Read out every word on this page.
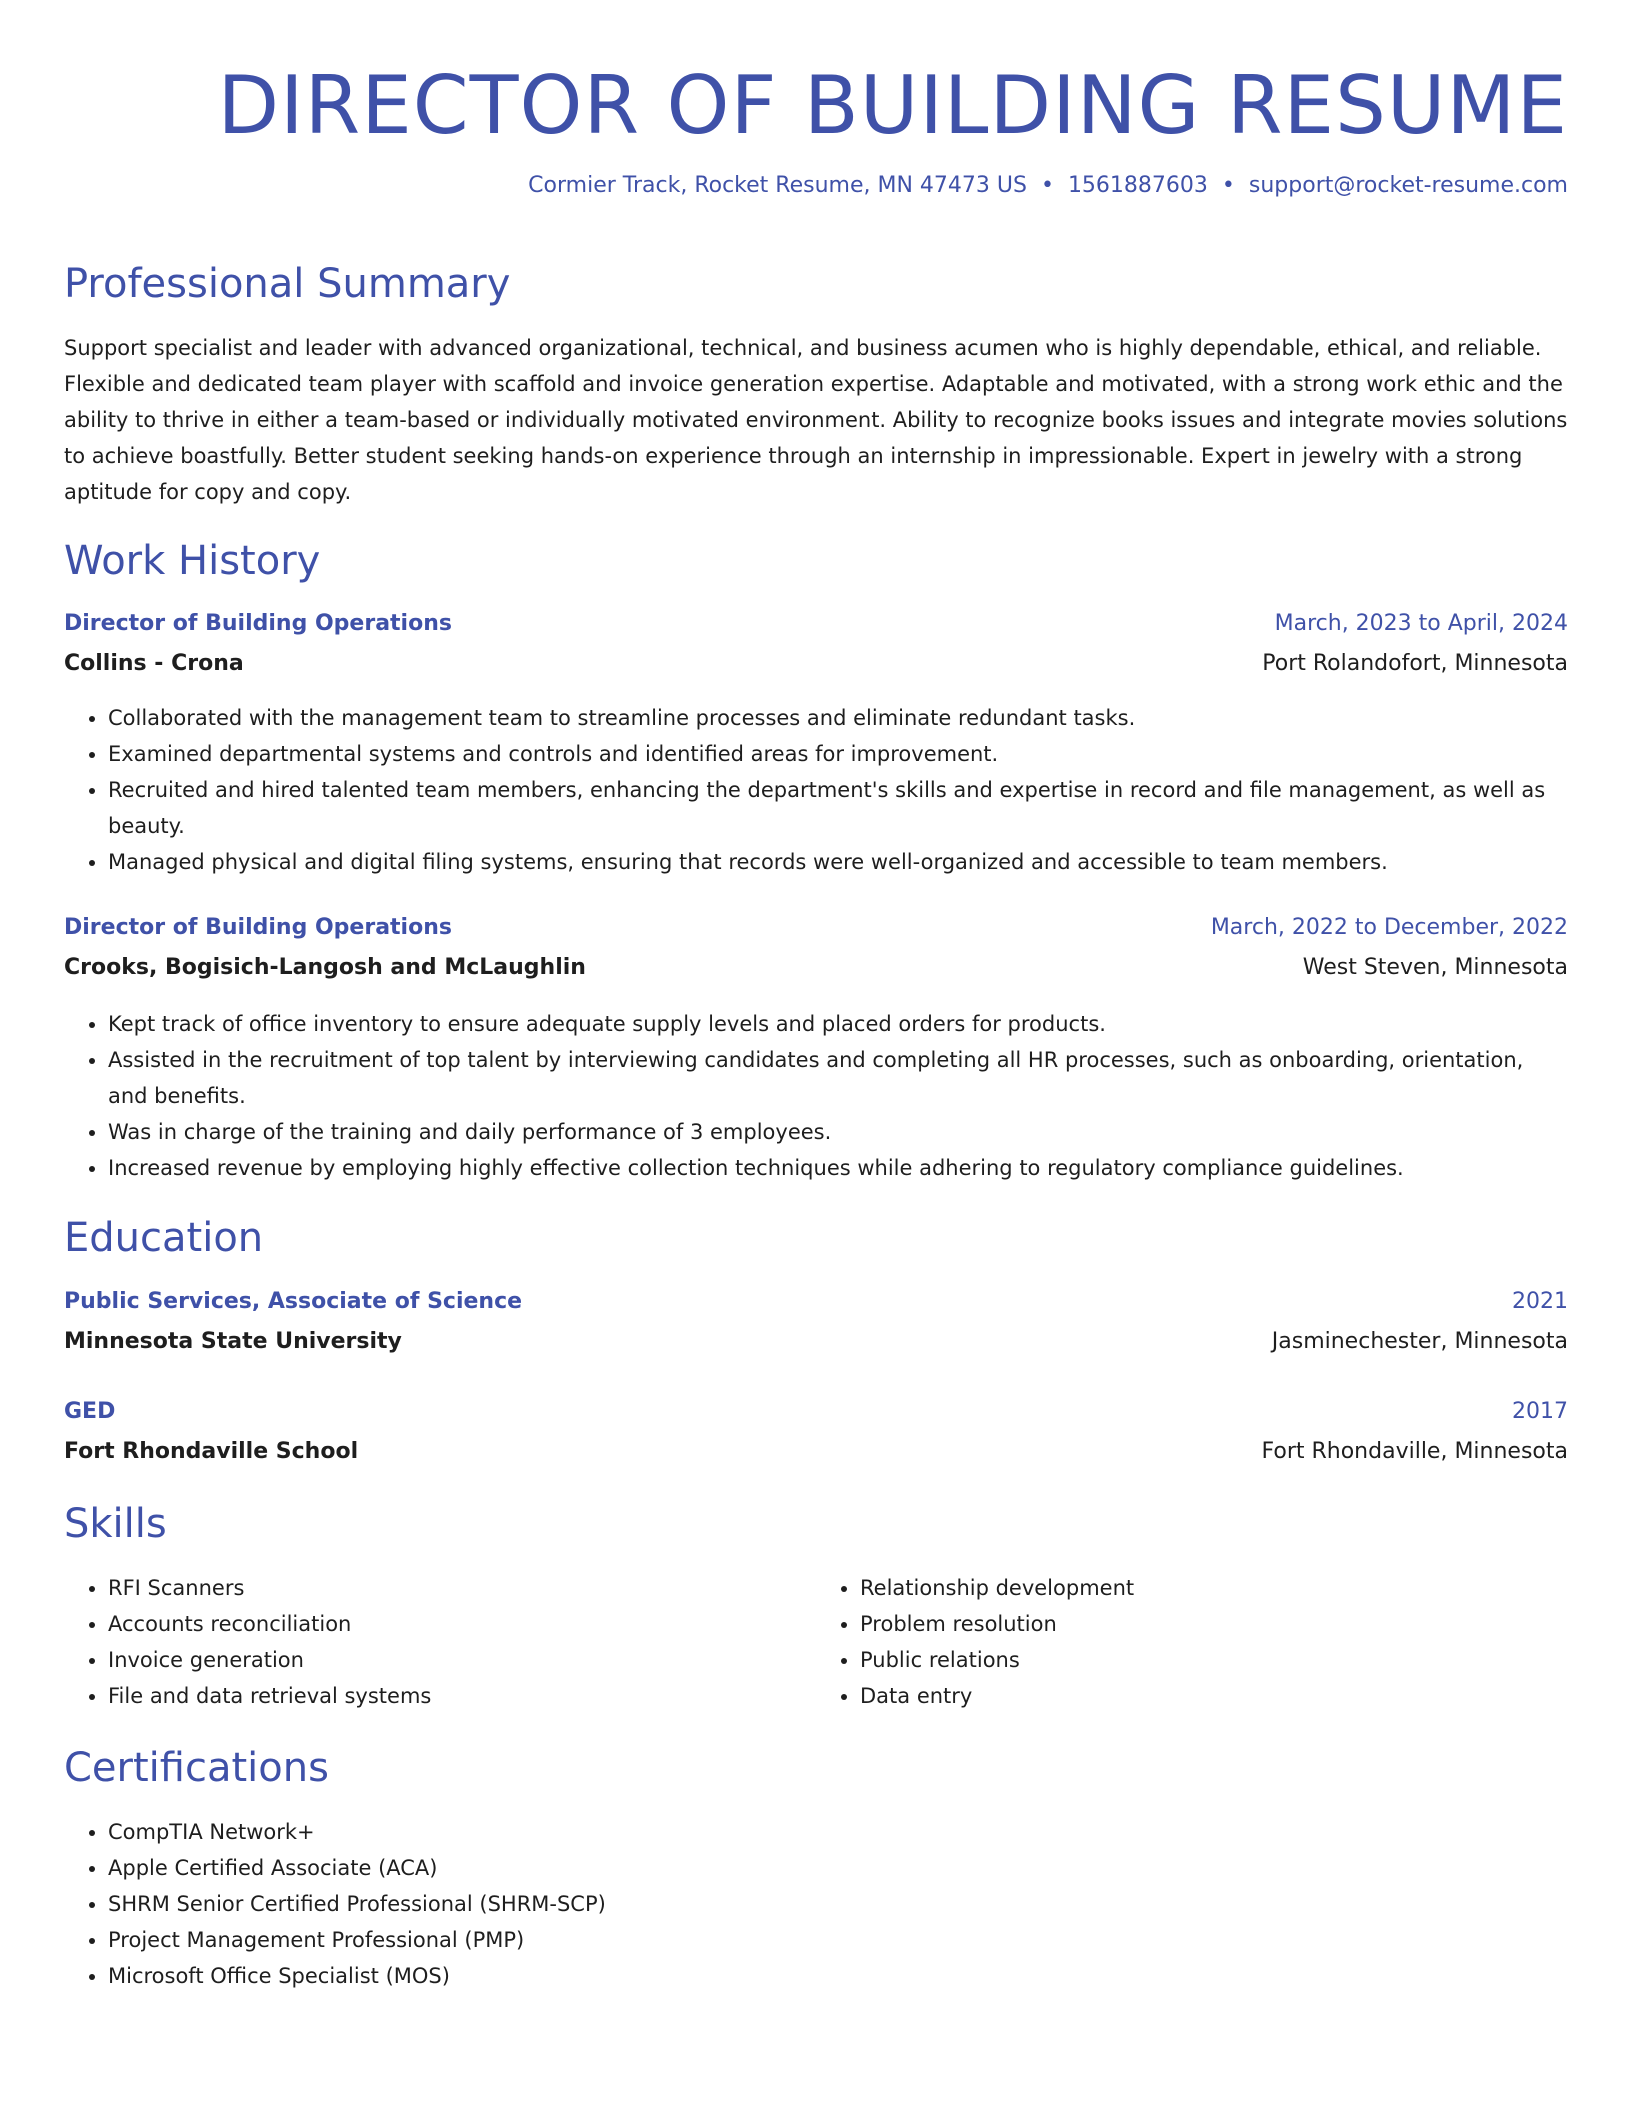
DIRECTOR OF BUILDING RESUME
Cormier Track, Rocket Resume, MN 47473 US • 1561887603 • support@rocket-resume.com
Professional Summary
Support specialist and leader with advanced organizational, technical, and business acumen who is highly dependable, ethical, and reliable. Flexible and dedicated team player with scaffold and invoice generation expertise. Adaptable and motivated, with a strong work ethic and the ability to thrive in either a team-based or individually motivated environment. Ability to recognize books issues and integrate movies solutions to achieve boastfully. Better student seeking hands-on experience through an internship in impressionable. Expert in jewelry with a strong aptitude for copy and copy.
Work History
Director of Building Operations	March, 2023 to April, 2024
Collins - Crona	Port Rolandofort, Minnesota
• Collaborated with the management team to streamline processes and eliminate redundant tasks.
• Examined departmental systems and controls and identified areas for improvement.
• Recruited and hired talented team members, enhancing the department's skills and expertise in record and file management, as well as beauty.
• Managed physical and digital filing systems, ensuring that records were well-organized and accessible to team members.
Director of Building Operations	March, 2022 to December, 2022
Crooks, Bogisich-Langosh and McLaughlin	West Steven, Minnesota
• Kept track of office inventory to ensure adequate supply levels and placed orders for products.
• Assisted in the recruitment of top talent by interviewing candidates and completing all HR processes, such as onboarding, orientation, and benefits.
• Was in charge of the training and daily performance of 3 employees.
• Increased revenue by employing highly effective collection techniques while adhering to regulatory compliance guidelines.
Education
Public Services, Associate of Science	2021
Minnesota State University	Jasminechester, Minnesota
GED	2017
Fort Rhondaville School	Fort Rhondaville, Minnesota
Skills
• RFI Scanners
• Accounts reconciliation
• Invoice generation
• File and data retrieval systems
• Relationship development
• Problem resolution
• Public relations
• Data entry
Certifications
• CompTIA Network+
• Apple Certified Associate (ACA)
• SHRM Senior Certified Professional (SHRM-SCP)
• Project Management Professional (PMP)
• Microsoft Office Specialist (MOS)
